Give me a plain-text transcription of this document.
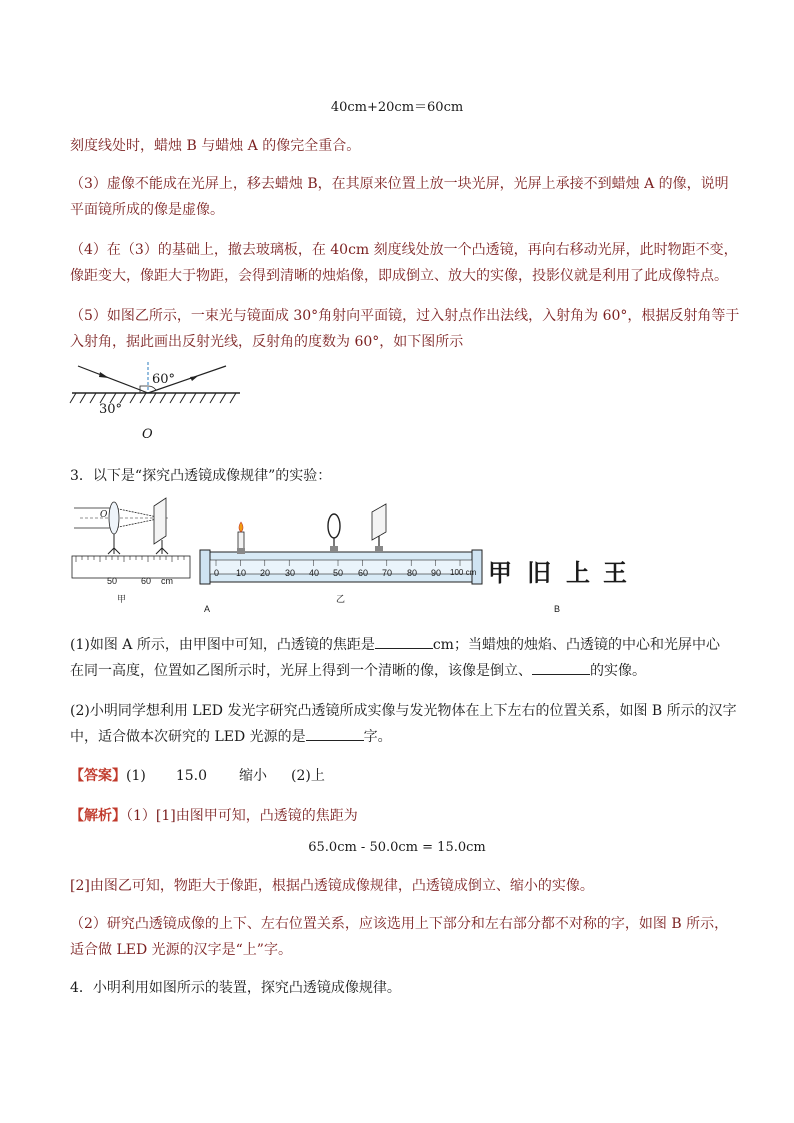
40cm+20cm＝60cm
刻度线处时，蜡烛 B 与蜡烛 A 的像完全重合。
（3）虚像不能成在光屏上，移去蜡烛 B，在其原来位置上放一块光屏，光屏上承接不到蜡烛 A 的像，说明
平面镜所成的像是虚像。
（4）在（3）的基础上，撤去玻璃板，在 40cm 刻度线处放一个凸透镜，再向右移动光屏，此时物距不变，
像距变大，像距大于物距，会得到清晰的烛焰像，即成倒立、放大的实像，投影仪就是利用了此成像特点。
（5）如图乙所示，一束光与镜面成 30°角射向平面镜，过入射点作出法线，入射角为 60°，根据反射角等于
入射角，据此画出反射光线，反射角的度数为 60°，如下图所示
30°
60°
O
3．以下是“探究凸透镜成像规律”的实验：
O
50	60 cm
甲
A
0 10 20 30 40 50 60 70 80 90 100 cm
乙
甲 旧 上 王
B
(1)如图 A 所示，由甲图中可知，凸透镜的焦距是	cm；当蜡烛的烛焰、凸透镜的中心和光屏中心
在同一高度，位置如乙图所示时，光屏上得到一个清晰的像，该像是倒立、	的实像。
(2)小明同学想利用 LED 发光字研究凸透镜所成实像与发光物体在上下左右的位置关系，如图 B 所示的汉字
中，适合做本次研究的 LED 光源的是	字。
【答案】(1) 15.0 缩小 (2)上
【解析】（1）[1]由图甲可知，凸透镜的焦距为
65.0cm - 50.0cm = 15.0cm
[2]由图乙可知，物距大于像距，根据凸透镜成像规律，凸透镜成倒立、缩小的实像。
（2）研究凸透镜成像的上下、左右位置关系，应该选用上下部分和左右部分都不对称的字，如图 B 所示，
适合做 LED 光源的汉字是“上”字。
4．小明利用如图所示的装置，探究凸透镜成像规律。
